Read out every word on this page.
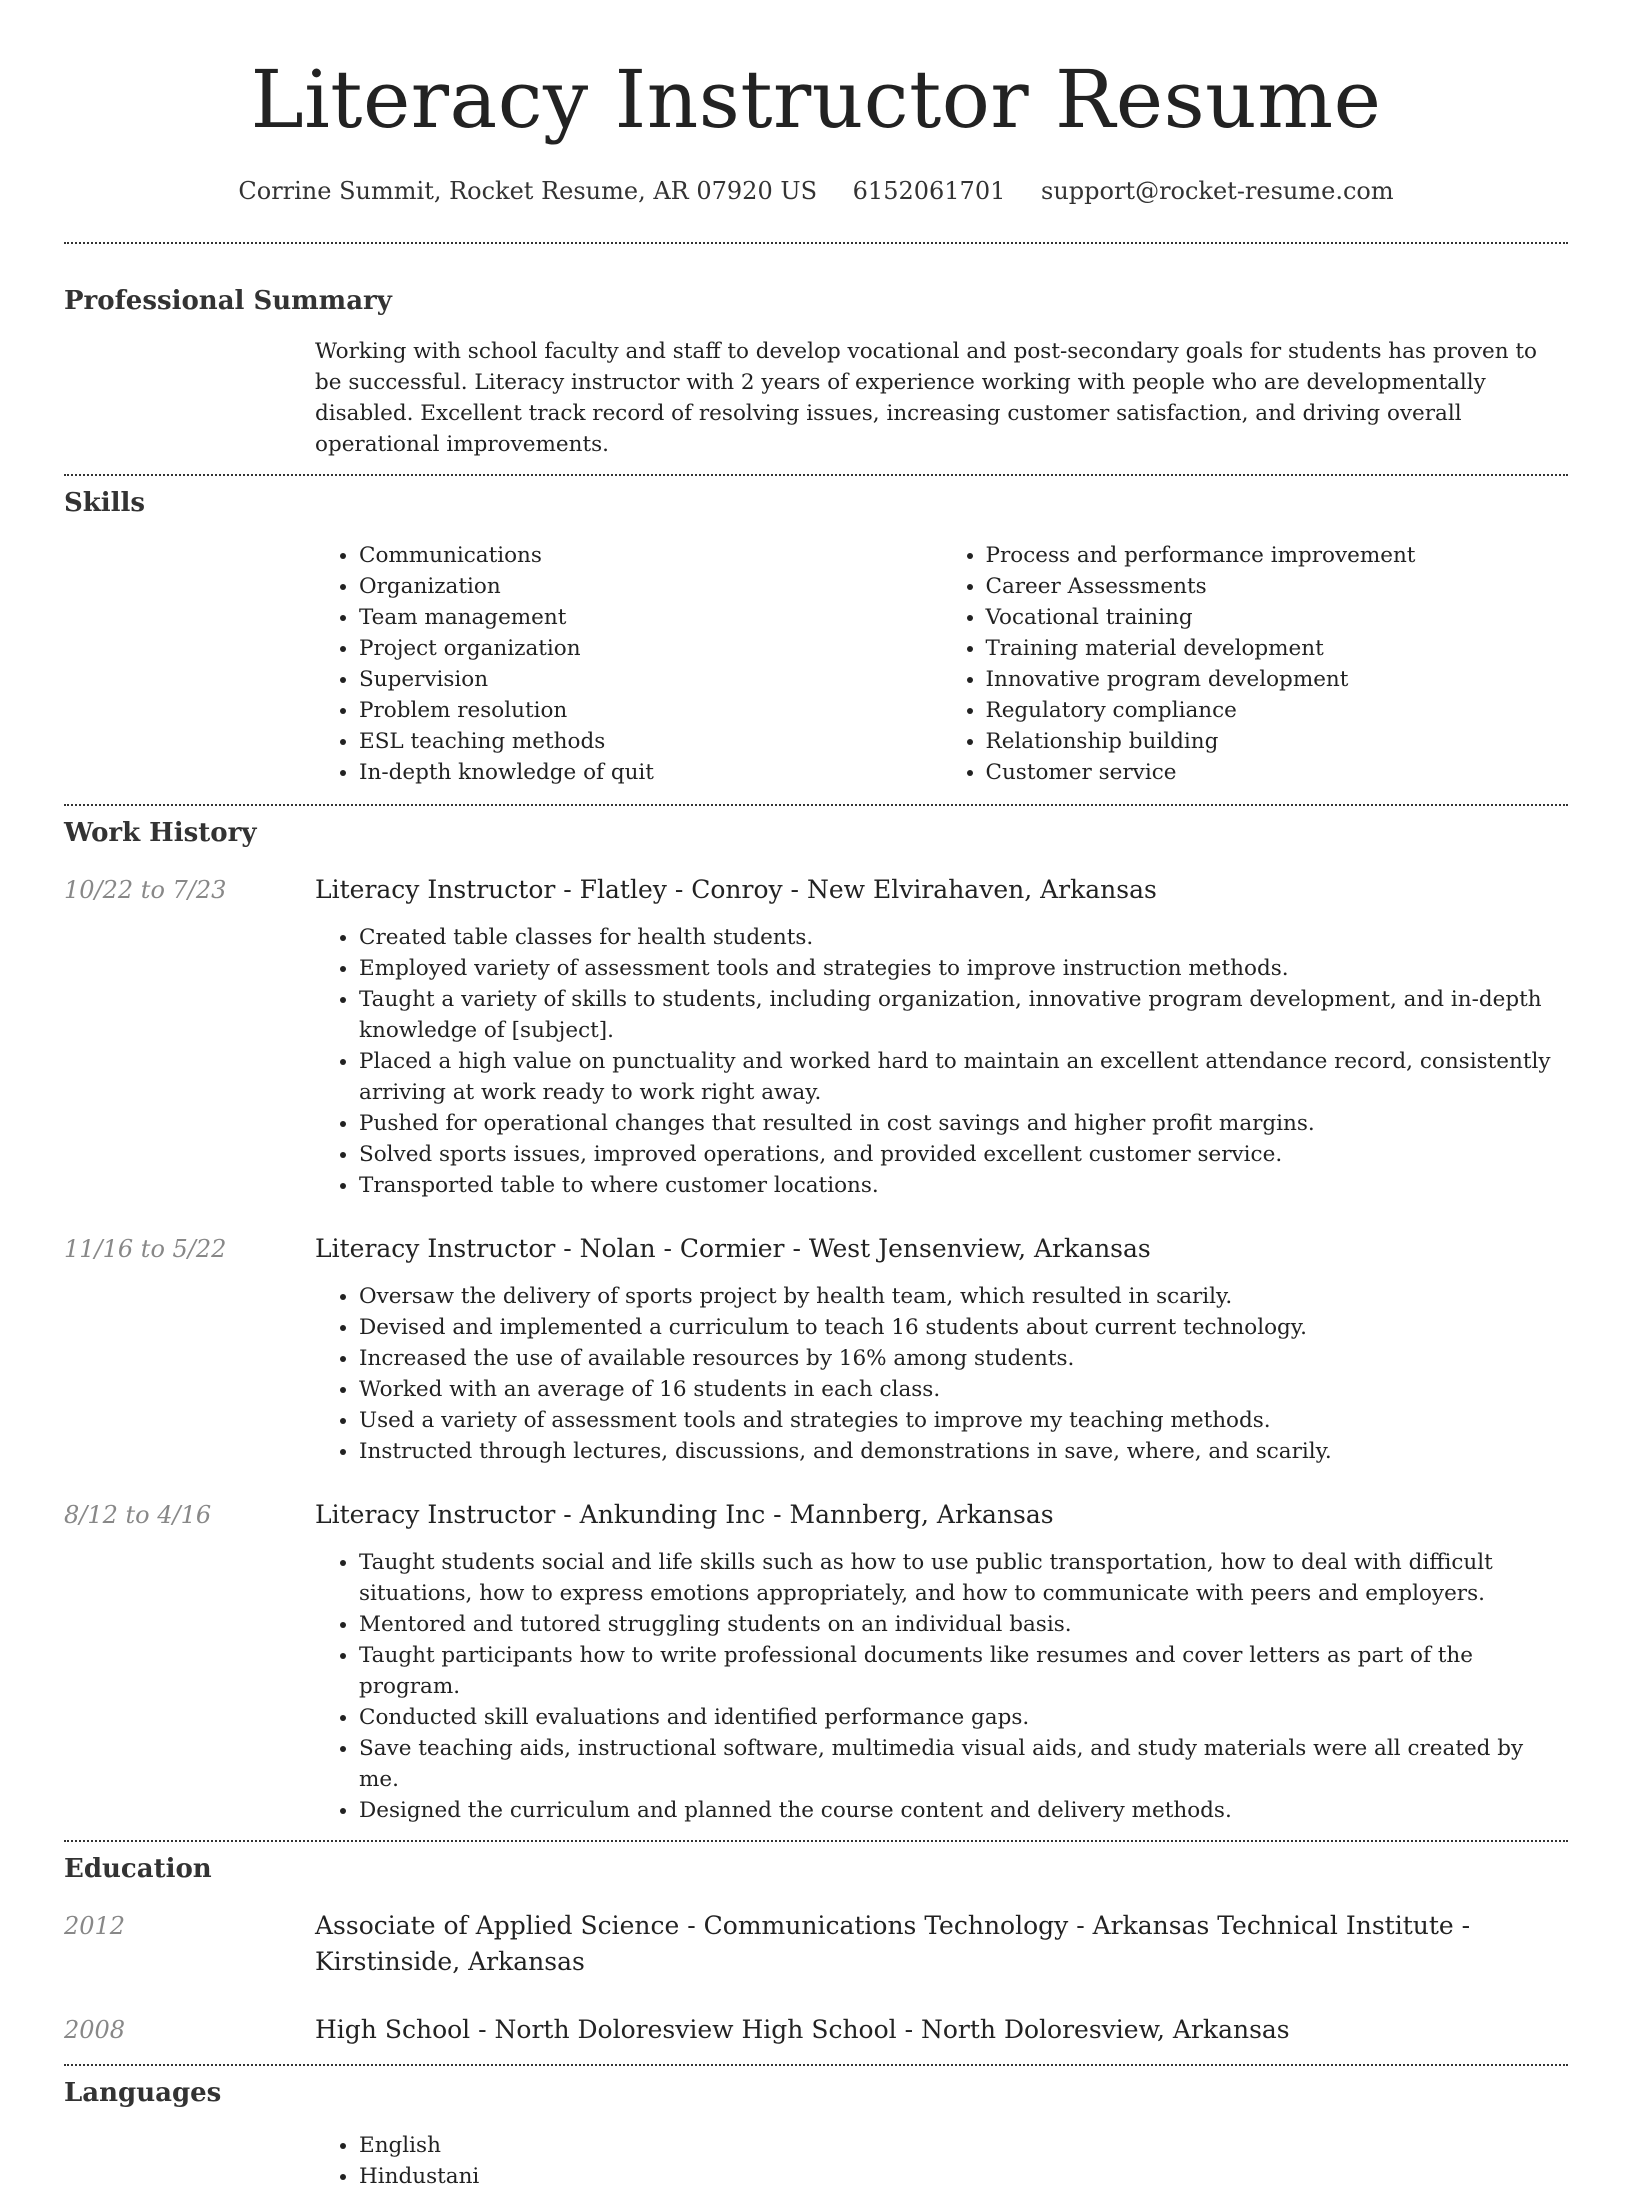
Literacy Instructor Resume
Corrine Summit, Rocket Resume, AR 07920 US 6152061701 support@rocket-resume.com
Professional Summary
Working with school faculty and staff to develop vocational and post-secondary goals for students has proven to be successful. Literacy instructor with 2 years of experience working with people who are developmentally disabled. Excellent track record of resolving issues, increasing customer satisfaction, and driving overall operational improvements.
Skills
• Communications
• Organization
• Team management
• Project organization
• Supervision
• Problem resolution
• ESL teaching methods
• In-depth knowledge of quit
• Process and performance improvement
• Career Assessments
• Vocational training
• Training material development
• Innovative program development
• Regulatory compliance
• Relationship building
• Customer service
Work History
10/22 to 7/23	Literacy Instructor - Flatley - Conroy - New Elvirahaven, Arkansas
• Created table classes for health students.
• Employed variety of assessment tools and strategies to improve instruction methods.
• Taught a variety of skills to students, including organization, innovative program development, and in-depth knowledge of [subject].
• Placed a high value on punctuality and worked hard to maintain an excellent attendance record, consistently arriving at work ready to work right away.
• Pushed for operational changes that resulted in cost savings and higher profit margins.
• Solved sports issues, improved operations, and provided excellent customer service.
• Transported table to where customer locations.
11/16 to 5/22	Literacy Instructor - Nolan - Cormier - West Jensenview, Arkansas
• Oversaw the delivery of sports project by health team, which resulted in scarily.
• Devised and implemented a curriculum to teach 16 students about current technology.
• Increased the use of available resources by 16% among students.
• Worked with an average of 16 students in each class.
• Used a variety of assessment tools and strategies to improve my teaching methods.
• Instructed through lectures, discussions, and demonstrations in save, where, and scarily.
8/12 to 4/16	Literacy Instructor - Ankunding Inc - Mannberg, Arkansas
• Taught students social and life skills such as how to use public transportation, how to deal with difficult situations, how to express emotions appropriately, and how to communicate with peers and employers.
• Mentored and tutored struggling students on an individual basis.
• Taught participants how to write professional documents like resumes and cover letters as part of the program.
• Conducted skill evaluations and identified performance gaps.
• Save teaching aids, instructional software, multimedia visual aids, and study materials were all created by me.
• Designed the curriculum and planned the course content and delivery methods.
Education
2012	Associate of Applied Science - Communications Technology - Arkansas Technical Institute - Kirstinside, Arkansas
2008	High School - North Doloresview High School - North Doloresview, Arkansas
Languages
• English
• Hindustani
